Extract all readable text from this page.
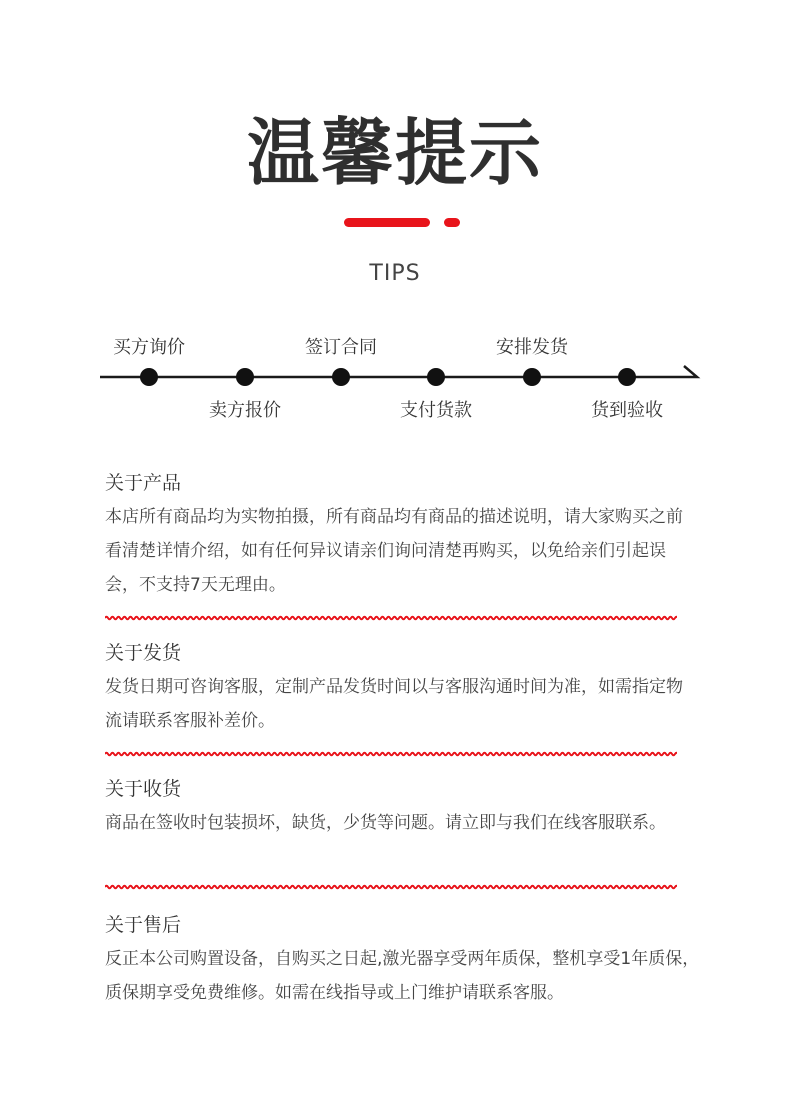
温馨提示
TIPS
买方询价
卖方报价
签订合同
支付货款
安排发货
货到验收

关于产品

本店所有商品均为实物拍摄，所有商品均有商品的描述说明，请大家购买之前看清楚详情介绍，如有任何异议请亲们询问清楚再购买，以免给亲们引起误会，不支持7天无理由。

关于发货

发货日期可咨询客服，定制产品发货时间以与客服沟通时间为准，如需指定物流请联系客服补差价。

关于收货

商品在签收时包装损坏，缺货，少货等问题。请立即与我们在线客服联系。

关于售后

反正本公司购置设备，自购买之日起,激光器享受两年质保，整机享受1年质保，质保期享受免费维修。如需在线指导或上门维护请联系客服。
